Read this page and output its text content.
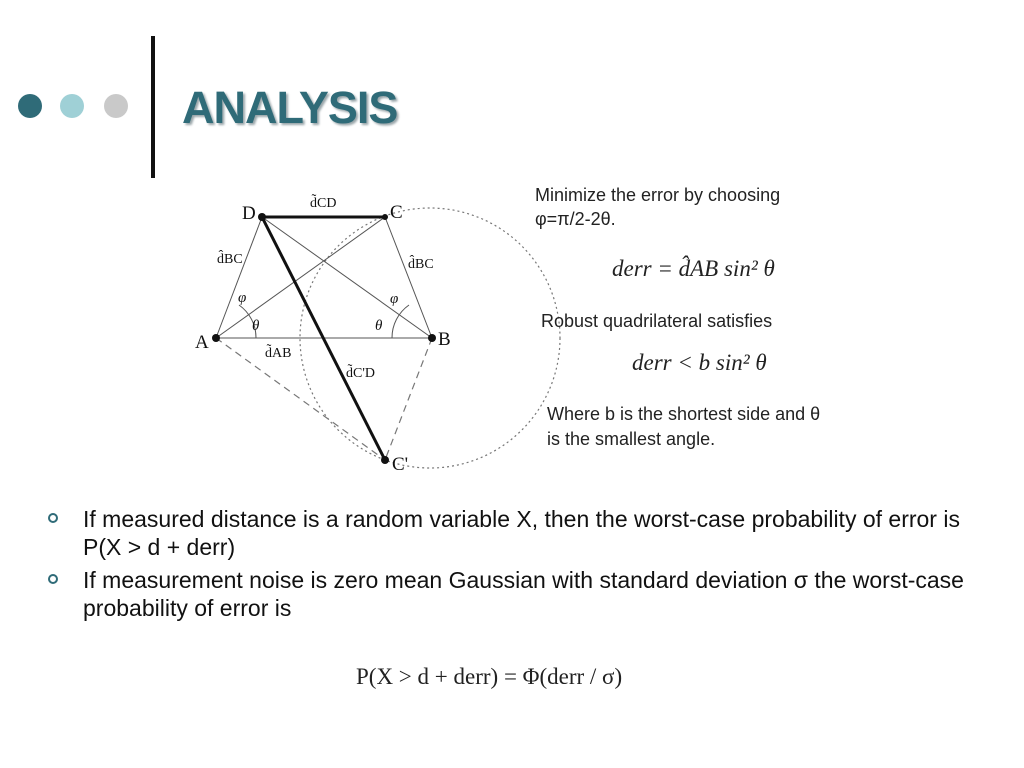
ANALYSIS
D	C
A	B
C'
d̃CD
d̂BC	d̂BC
d̃AB
d̃C'D
φ	φ
θ	θ
Minimize the error by choosing
φ=π/2-2θ.
derr = d̂AB sin² θ
Robust quadrilateral satisfies
derr < b sin² θ
Where b is the shortest side and θ
is the smallest angle.
If measured distance is a random variable X, then the worst-case probability of error is P(X > d + derr)
If measurement noise is zero mean Gaussian with standard deviation σ the worst-case probability of error is
P(X > d + derr) = Φ(derr / σ)
